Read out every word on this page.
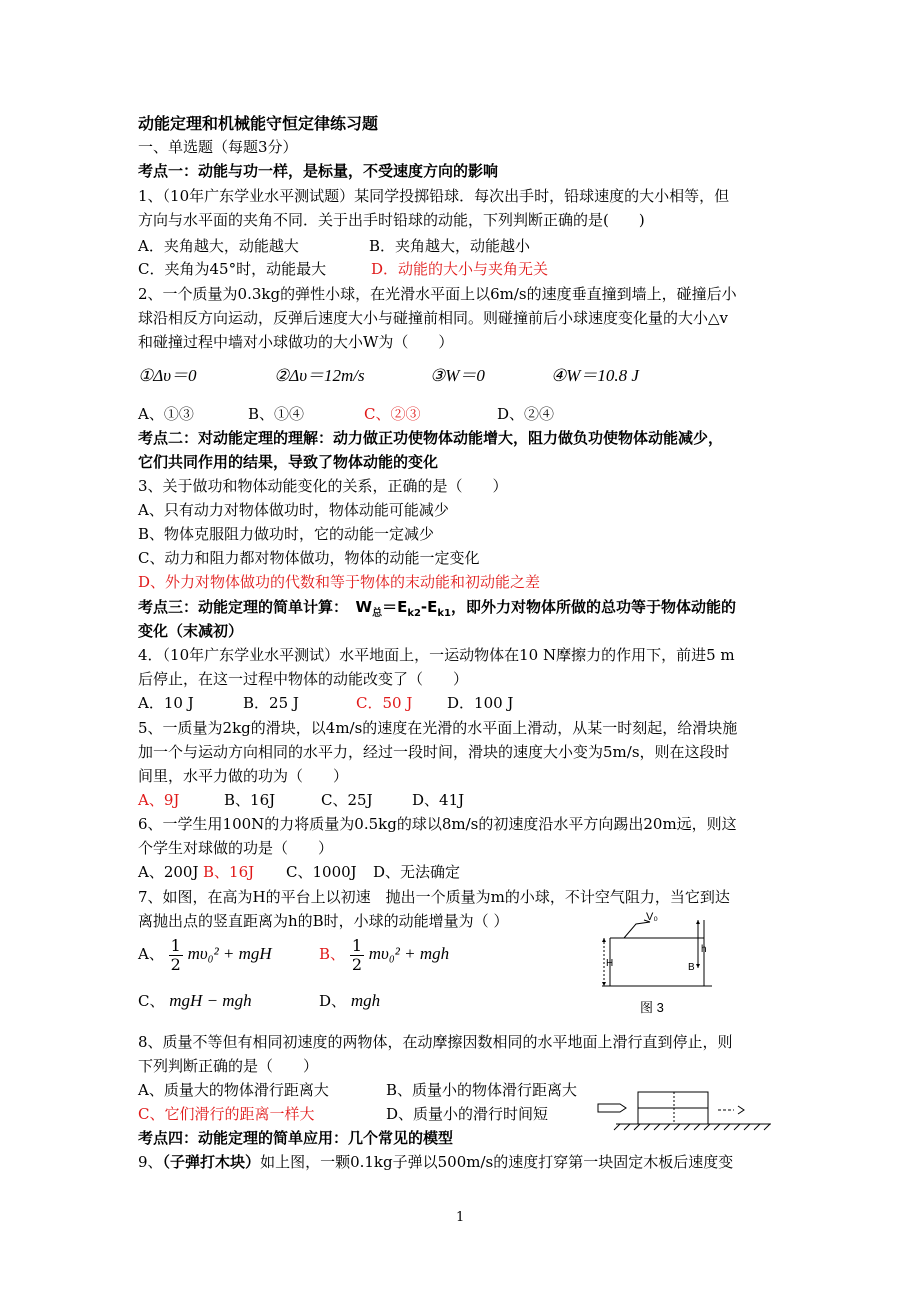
动能定理和机械能守恒定律练习题
一、单选题（每题3分）
考点一：动能与功一样，是标量，不受速度方向的影响
1、（10年广东学业水平测试题）某同学投掷铅球．每次出手时，铅球速度的大小相等，但
方向与水平面的夹角不同．关于出手时铅球的动能，下列判断正确的是(　　)
A．夹角越大，动能越大	B．夹角越大，动能越小
C．夹角为45°时，动能最大	D．动能的大小与夹角无关
2、一个质量为0.3kg的弹性小球，在光滑水平面上以6m/s的速度垂直撞到墙上，碰撞后小
球沿相反方向运动，反弹后速度大小与碰撞前相同。则碰撞前后小球速度变化量的大小△v
和碰撞过程中墙对小球做功的大小W为（　　）
①Δυ＝0	②Δυ＝12m/s	③W＝0	④W＝10.8 J
A、①③	B、①④	C、②③	D、②④
考点二：对动能定理的理解：动力做正功使物体动能增大，阻力做负功使物体动能减少，
它们共同作用的结果，导致了物体动能的变化
3、关于做功和物体动能变化的关系，正确的是（　　）
A、只有动力对物体做功时，物体动能可能减少
B、物体克服阻力做功时，它的动能一定减少
C、动力和阻力都对物体做功，物体的动能一定变化
D、外力对物体做功的代数和等于物体的末动能和初动能之差
考点三：动能定理的简单计算：　$W_总=E_{k2}-E_{k1}$，即外力对物体所做的总功等于物体动能的
变化（末减初）
4．（10年广东学业水平测试）水平地面上，一运动物体在10 N摩擦力的作用下，前进5 m
后停止，在这一过程中物体的动能改变了（　　）
A．10 J	B．25 J	C．50 J D．100 J
5、一质量为2kg的滑块，以4m/s的速度在光滑的水平面上滑动，从某一时刻起，给滑块施
加一个与运动方向相同的水平力，经过一段时间，滑块的速度大小变为5m/s，则在这段时
间里，水平力做的功为（　　）
A、9J	B、16J	C、25J	D、41J
6、一学生用100N的力将质量为0.5kg的球以8m/s的初速度沿水平方向踢出20m远，则这
个学生对球做的功是（　　）
A、200J B、16J C、1000J D、无法确定
7、如图，在高为H的平台上以初速　抛出一个质量为m的小球，不计空气阻力，当它到达
离抛出点的竖直距离为h的B时，小球的动能增量为（ ）
A、 $\frac{1}{2} m\upsilon_0^2$ + mgH	B、 $\frac{1}{2} m\upsilon_0^2$ + mgh
C、 mgH − mgh	D、 mgh
V₀
H
h
B
图 3
8、质量不等但有相同初速度的两物体，在动摩擦因数相同的水平地面上滑行直到停止，则
下列判断正确的是（　　）
A、质量大的物体滑行距离大	B、质量小的物体滑行距离大
C、它们滑行的距离一样大	D、质量小的滑行时间短
考点四：动能定理的简单应用：几个常见的模型
9、（子弹打木块）如上图，一颗0.1kg子弹以500m/s的速度打穿第一块固定木板后速度变
1
